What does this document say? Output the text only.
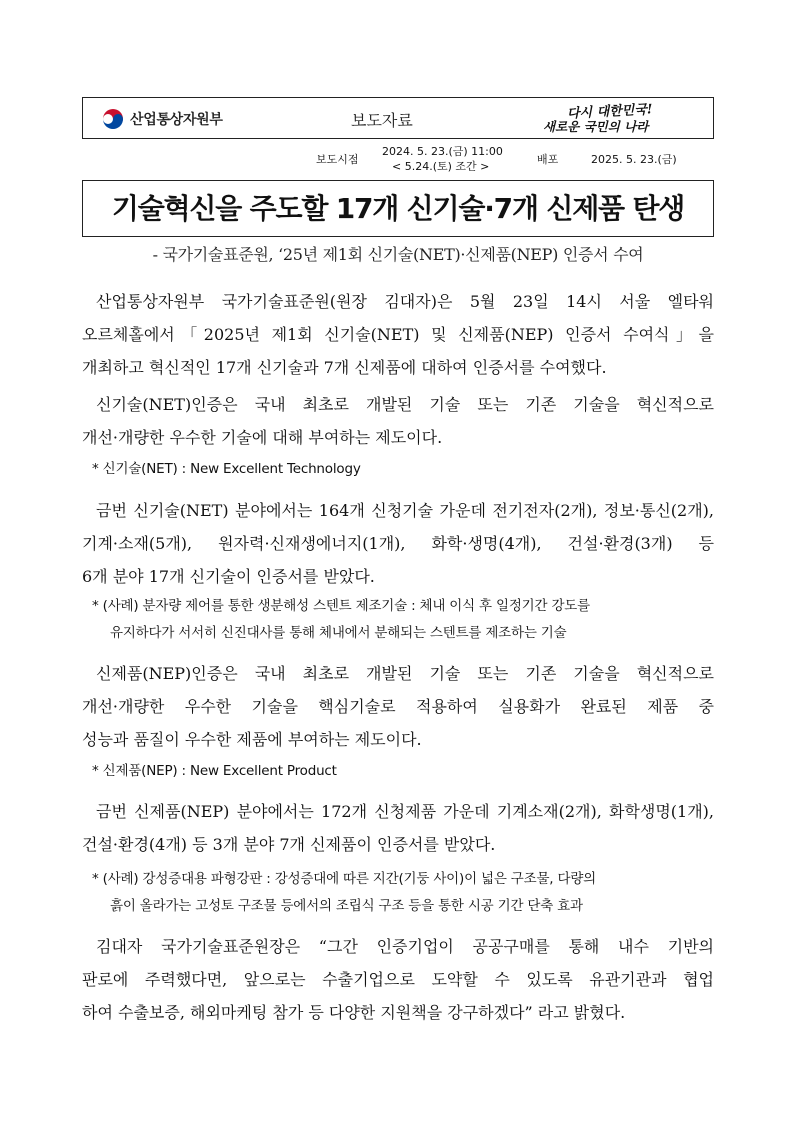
산업통상자원부	보도자료	다시 대한민국!
새로운 국민의 나라
보도시점
2024. 5. 23.(금) 11:00
< 5.24.(토) 조간 >
배포	2025. 5. 23.(금)
기술혁신을 주도할 17개 신기술·7개 신제품 탄생
- 국가기술표준원, ‘25년 제1회 신기술(NET)·신제품(NEP) 인증서 수여
산업통상자원부 국가기술표준원(원장 김대자)은 5월 23일 14시 서울 엘타워
오르체홀에서「2025년 제1회 신기술(NET) 및 신제품(NEP) 인증서 수여식」을
개최하고 혁신적인 17개 신기술과 7개 신제품에 대하여 인증서를 수여했다.
신기술(NET)인증은 국내 최초로 개발된 기술 또는 기존 기술을 혁신적으로
개선·개량한 우수한 기술에 대해 부여하는 제도이다.
* 신기술(NET) : New Excellent Technology
금번 신기술(NET) 분야에서는 164개 신청기술 가운데 전기전자(2개), 정보·통신(2개),
기계·소재(5개), 원자력·신재생에너지(1개), 화학·생명(4개), 건설·환경(3개) 등
6개 분야 17개 신기술이 인증서를 받았다.
* (사례) 분자량 제어를 통한 생분해성 스텐트 제조기술 : 체내 이식 후 일정기간 강도를
유지하다가 서서히 신진대사를 통해 체내에서 분해되는 스텐트를 제조하는 기술
신제품(NEP)인증은 국내 최초로 개발된 기술 또는 기존 기술을 혁신적으로
개선·개량한 우수한 기술을 핵심기술로 적용하여 실용화가 완료된 제품 중
성능과 품질이 우수한 제품에 부여하는 제도이다.
* 신제품(NEP) : New Excellent Product
금번 신제품(NEP) 분야에서는 172개 신청제품 가운데 기계소재(2개), 화학생명(1개),
건설·환경(4개) 등 3개 분야 7개 신제품이 인증서를 받았다.
* (사례) 강성증대용 파형강판 : 강성증대에 따른 지간(기둥 사이)이 넓은 구조물, 다량의
흙이 올라가는 고성토 구조물 등에서의 조립식 구조 등을 통한 시공 기간 단축 효과
김대자 국가기술표준원장은 “그간 인증기업이 공공구매를 통해 내수 기반의
판로에 주력했다면, 앞으로는 수출기업으로 도약할 수 있도록 유관기관과 협업
하여 수출보증, 해외마케팅 참가 등 다양한 지원책을 강구하겠다” 라고 밝혔다.
